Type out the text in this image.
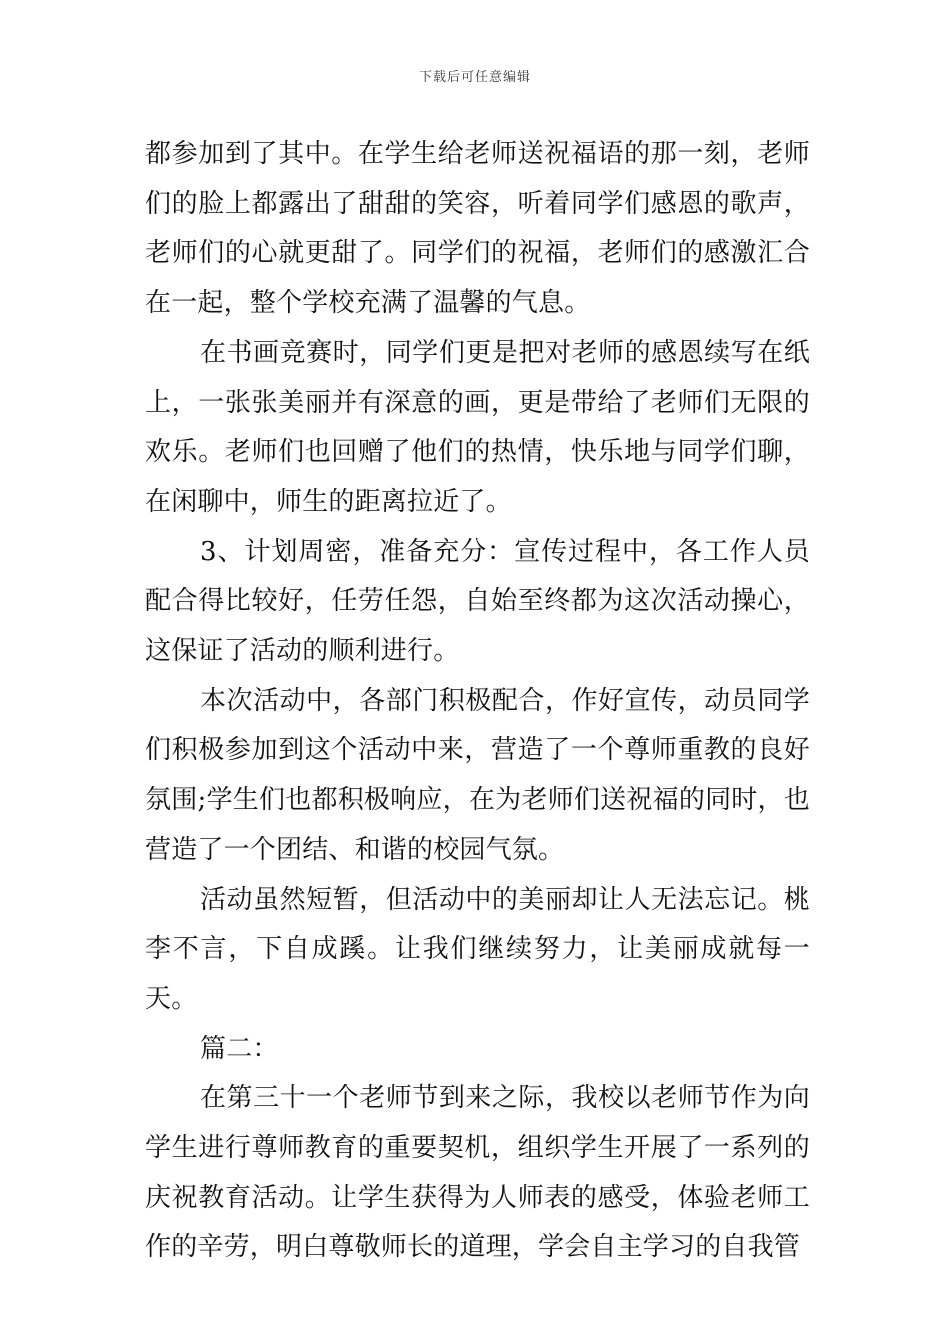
下载后可任意编辑

都参加到了其中。在学生给老师送祝福语的那一刻，老师们的脸上都露出了甜甜的笑容，听着同学们感恩的歌声，老师们的心就更甜了。同学们的祝福，老师们的感激汇合在一起，整个学校充满了温馨的气息。

在书画竞赛时，同学们更是把对老师的感恩续写在纸上，一张张美丽并有深意的画，更是带给了老师们无限的欢乐。老师们也回赠了他们的热情，快乐地与同学们聊，在闲聊中，师生的距离拉近了。

3、计划周密，准备充分：宣传过程中，各工作人员配合得比较好，任劳任怨，自始至终都为这次活动操心，这保证了活动的顺利进行。

本次活动中，各部门积极配合，作好宣传，动员同学们积极参加到这个活动中来，营造了一个尊师重教的良好氛围;学生们也都积极响应，在为老师们送祝福的同时，也营造了一个团结、和谐的校园气氛。

活动虽然短暂，但活动中的美丽却让人无法忘记。桃李不言，下自成蹊。让我们继续努力，让美丽成就每一天。

篇二：

在第三十一个老师节到来之际，我校以老师节作为向学生进行尊师教育的重要契机，组织学生开展了一系列的庆祝教育活动。让学生获得为人师表的感受，体验老师工作的辛劳，明白尊敬师长的道理，学会自主学习的自我管
